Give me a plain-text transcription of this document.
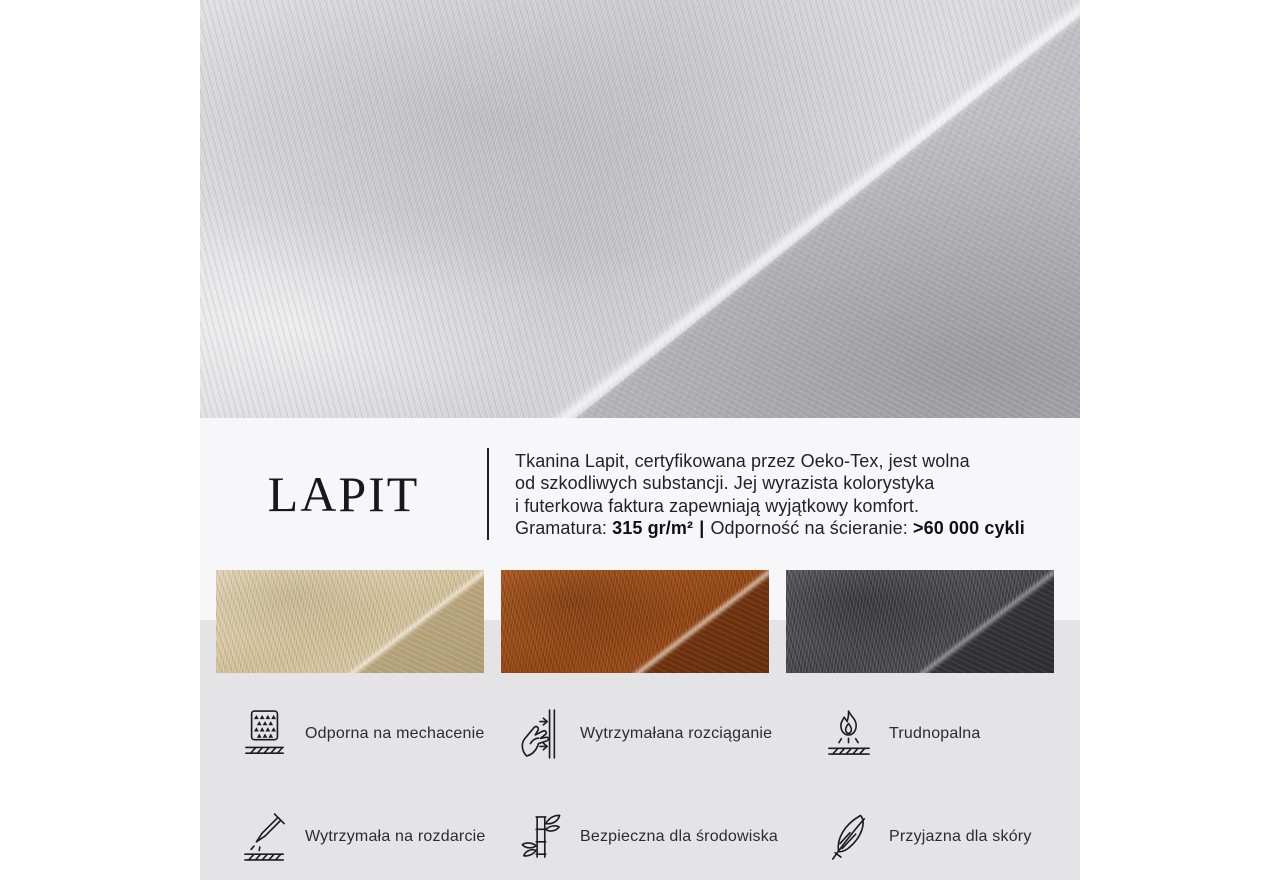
LAPIT

Tkanina Lapit, certyfikowana przez Oeko-Tex, jest wolna

od szkodliwych substancji. Jej wyrazista kolorystyka

i futerkowa faktura zapewniają wyjątkowy komfort.

Gramatura: 315 gr/m² | Odporność na ścieranie: >60 000 cykli

Odporna na mechacenie	Wytrzymałana rozciąganie	Trudnopalna
Wytrzymała na rozdarcie	Bezpieczna dla środowiska	Przyjazna dla skóry
